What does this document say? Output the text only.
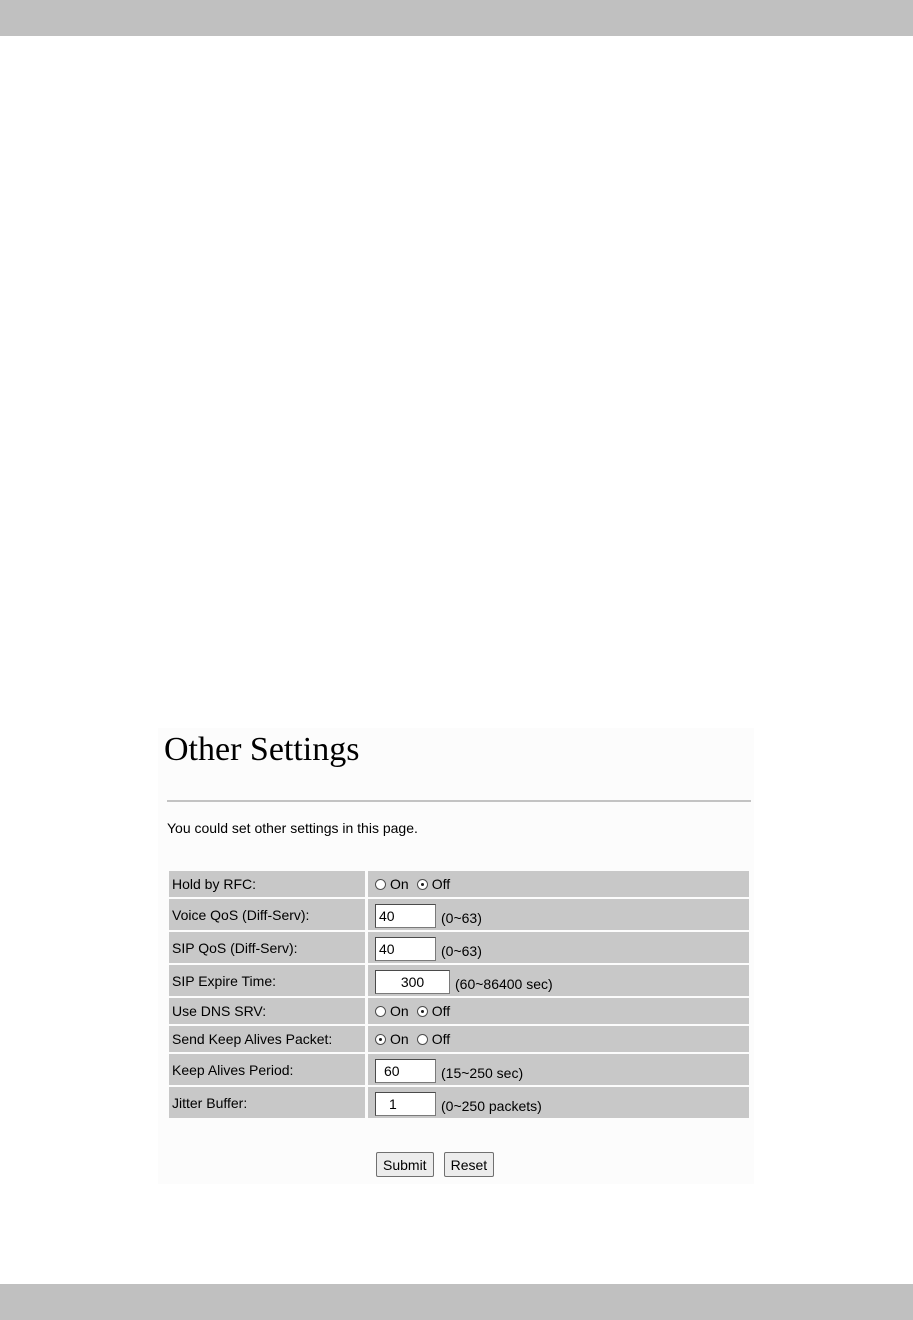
Other Settings
You could set other settings in this page.
Hold by RFC:	On Off
Voice QoS (Diff-Serv):
40	(0~63)
SIP QoS (Diff-Serv):
40	(0~63)
SIP Expire Time:
300	(60~86400 sec)
Use DNS SRV:	On Off
Send Keep Alives Packet:	On Off
Keep Alives Period:
60	(15~250 sec)
Jitter Buffer:
1	(0~250 packets)
Submit	Reset
